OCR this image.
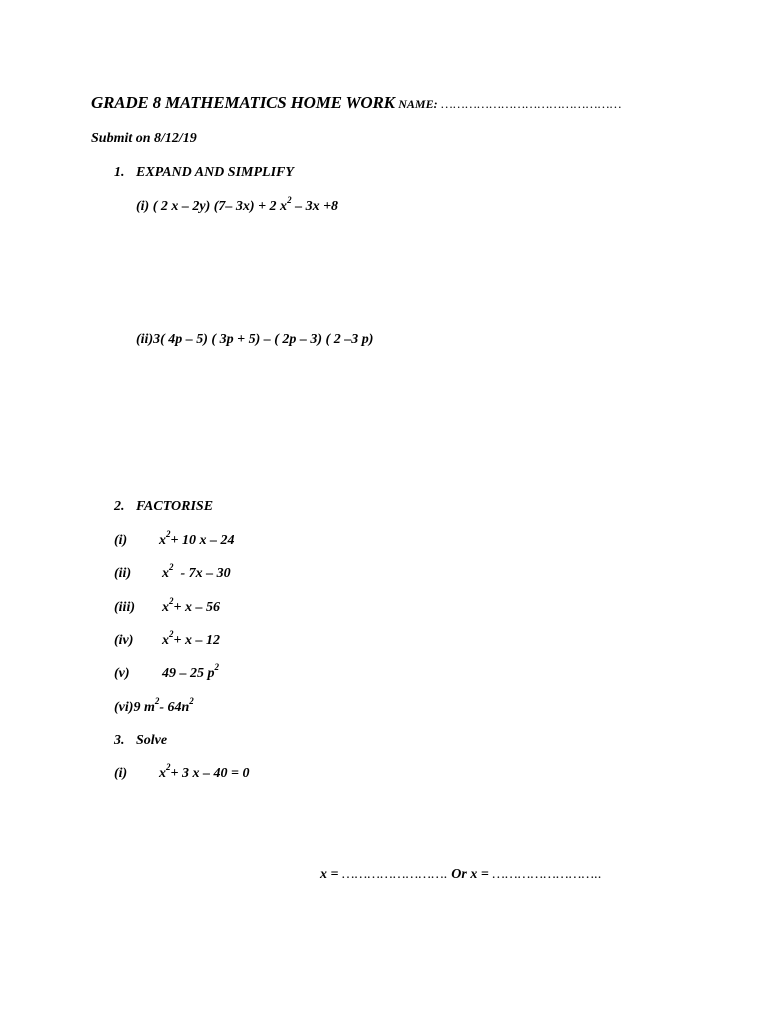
GRADE 8 MATHEMATICS HOME WORK NAME: ………………………………………
Submit on 8/12/19
1. EXPAND AND SIMPLIFY
(i) ( 2 x – 2y) (7– 3x) + 2 $x^2 - 3x +8$
(ii)3( 4p – 5) ( 3p + 5) – ( 2p – 3) ( 2 –3 p)
2. FACTORISE
(i) $x^2+ 10$ x – 24
(ii) $x^2 - 7x - 30$
(iii) $x^2+ x - 56$
(iv) $x^2+ x - 12$
(v) 49 – 25 $p^2$
(vi)9 $m^2-$ $64n^2$
3. Solve
(i) $x^2+ 3$ x – 40 = 0
x = ……………………. Or x = ……………………..
